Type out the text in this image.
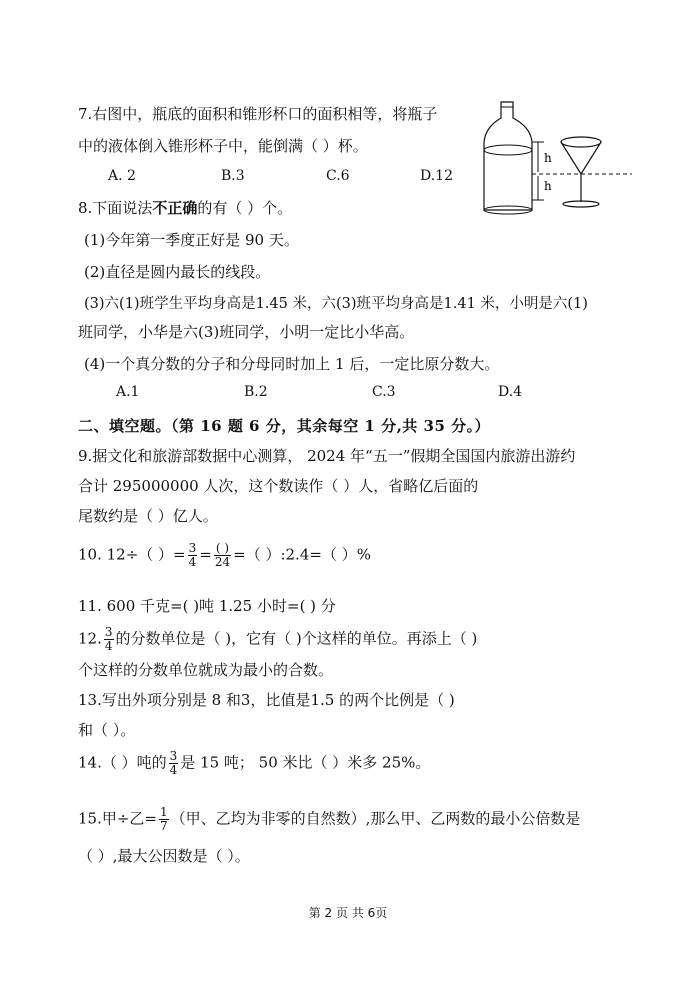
7.右图中，瓶底的面积和锥形杯口的面积相等，将瓶子
中的液体倒入锥形杯子中，能倒满（ ）杯。
A. 2	B.3	C.6	D.12
h
h
8.下面说法不正确的有（ ）个。
(1)今年第一季度正好是 90 天。
(2)直径是圆内最长的线段。
(3)六(1)班学生平均身高是1.45 米，六(3)班平均身高是1.41 米，小明是六(1)
班同学，小华是六(3)班同学，小明一定比小华高。
(4)一个真分数的分子和分母同时加上 1 后，一定比原分数大。
A.1	B.2	C.3	D.4
二、填空题。（第 16 题 6 分，其余每空 1 分,共 35 分。）
9.据文化和旅游部数据中心测算， 2024 年“五一”假期全国国内旅游出游约
合计 295000000 人次，这个数读作（ ）人，省略亿后面的
尾数约是（ ）亿人。
10. 12÷（ ）= $\frac{3}{4} = \frac{( )}{24}$ =（ ）:2.4=（ ）%
11. 600 千克=( )吨 1.25 小时=( ) 分
12. $\frac{3}{4}$ 的分数单位是（ )，它有（ )个这样的单位。再添上（ )
个这样的分数单位就成为最小的合数。
13.写出外项分别是 8 和3，比值是1.5 的两个比例是（ )
和（ ）。
14.（ ）吨的 $\frac{3}{4}$ 是 15 吨； 50 米比（ ）米多 25%。
15.甲÷乙= $\frac{1}{7}$ （甲、乙均为非零的自然数）,那么甲、乙两数的最小公倍数是
（ ）,最大公因数是（ ）。
第 2 页 共 6页
